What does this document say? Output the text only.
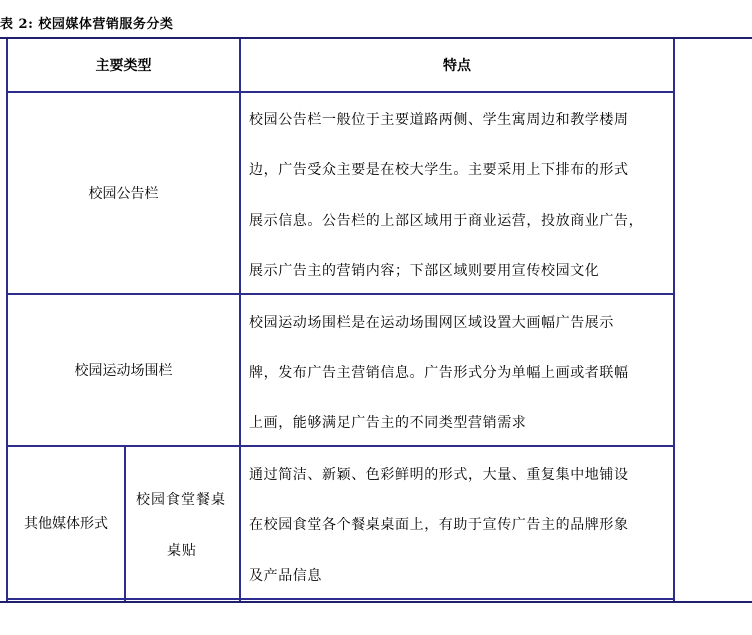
表 2: 校园媒体营销服务分类
主要类型	特点
校园公告栏
校园公告栏一般位于主要道路两侧、学生寓周边和教学楼周
边，广告受众主要是在校大学生。主要采用上下排布的形式
展示信息。公告栏的上部区域用于商业运营，投放商业广告，
展示广告主的营销内容；下部区域则要用宣传校园文化
校园运动场围栏
校园运动场围栏是在运动场围网区域设置大画幅广告展示
牌，发布广告主营销信息。广告形式分为单幅上画或者联幅
上画，能够满足广告主的不同类型营销需求
其他媒体形式
校园食堂餐桌
桌贴
通过简洁、新颖、色彩鲜明的形式，大量、重复集中地铺设
在校园食堂各个餐桌桌面上，有助于宣传广告主的品牌形象
及产品信息
